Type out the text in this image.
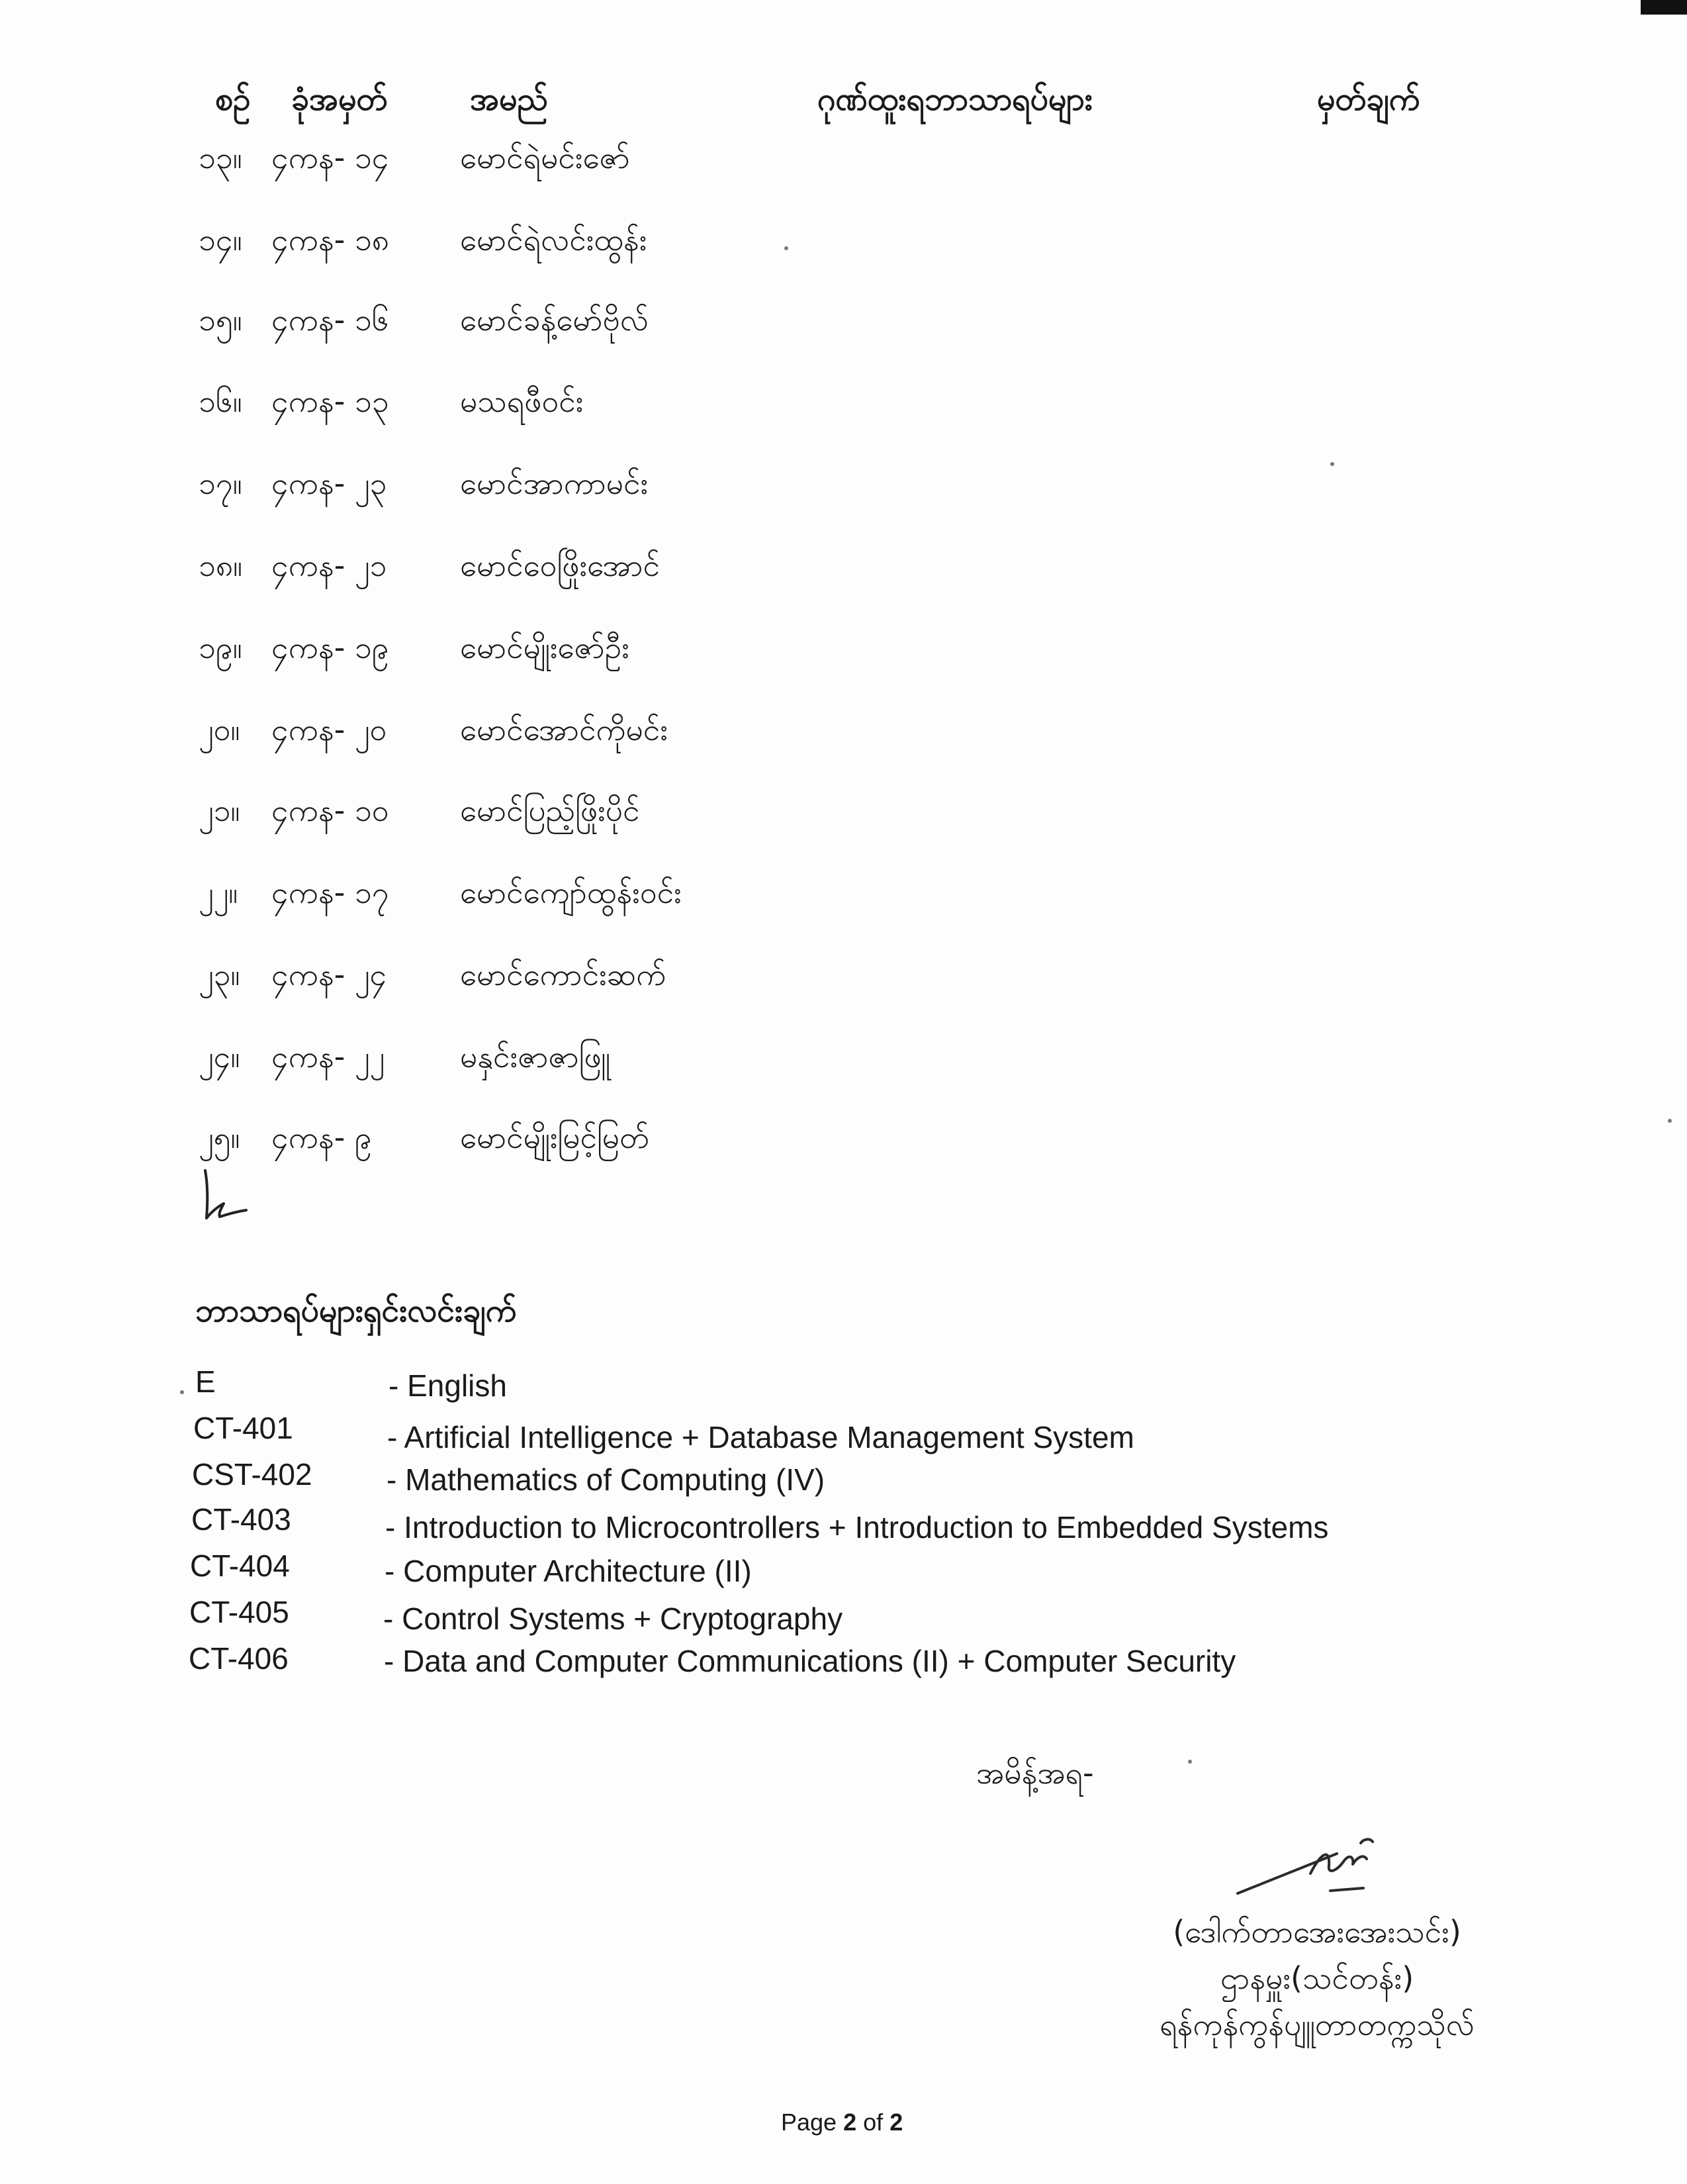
စဥ် ခုံအမှတ်	အမည်	ဂုဏ်ထူးရဘာသာရပ်များ	မှတ်ချက်
၁၃။ ၄ကန- ၁၄	မောင်ရဲမင်းဇော်
၁၄။ ၄ကန- ၁၈	မောင်ရဲလင်းထွန်း
၁၅။ ၄ကန- ၁၆	မောင်ခန့်မော်ဗိုလ်
၁၆။ ၄ကန- ၁၃	မသရဖီဝင်း
၁၇။ ၄ကန- ၂၃	မောင်အာကာမင်း
၁၈။ ၄ကန- ၂၁	မောင်ဝေဖြိုးအောင်
၁၉။ ၄ကန- ၁၉	မောင်မျိုးဇော်ဦး
၂၀။	၄ကန- ၂၀	မောင်အောင်ကိုမင်း
၂၁။	၄ကန- ၁၀	မောင်ပြည့်ဖြိုးပိုင်
၂၂။	၄ကန- ၁၇	မောင်ကျော်ထွန်းဝင်း
၂၃။	၄ကန- ၂၄	မောင်ကောင်းဆက်
၂၄။	၄ကန- ၂၂	မနှင်းဇာဇာဖြူ
၂၅။	၄ကန- ၉	မောင်မျိုးမြင့်မြတ်
ဘာသာရပ်များရှင်းလင်းချက်
E	- English
CT-401	- Artificial Intelligence + Database Management System
CST-402 - Mathematics of Computing (IV)
CT-403	- Introduction to Microcontrollers + Introduction to Embedded Systems
CT-404	- Computer Architecture (II)
CT-405	- Control Systems + Cryptography
CT-406	- Data and Computer Communications (II) + Computer Security
အမိန့်အရ-
(ဒေါက်တာအေးအေးသင်း)
ဌာနမှူး(သင်တန်း)
ရန်ကုန်ကွန်ပျူတာတက္ကသိုလ်
Page 2 of 2
